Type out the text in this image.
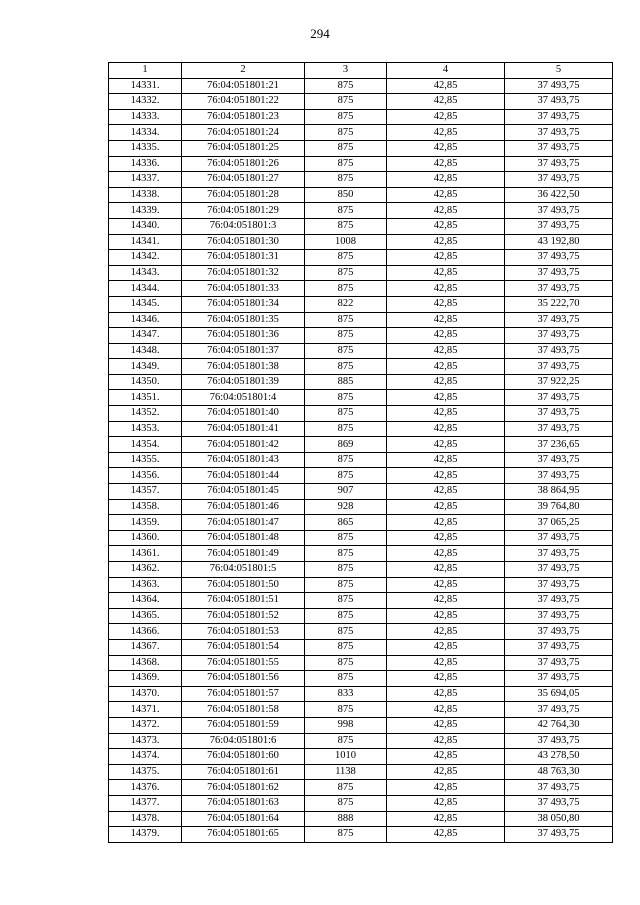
294
1	2	3	4	5
14331.	76:04:051801:21	875	42,85	37 493,75
14332.	76:04:051801:22	875	42,85	37 493,75
14333.	76:04:051801:23	875	42,85	37 493,75
14334.	76:04:051801:24	875	42,85	37 493,75
14335.	76:04:051801:25	875	42,85	37 493,75
14336.	76:04:051801:26	875	42,85	37 493,75
14337.	76:04:051801:27	875	42,85	37 493,75
14338.	76:04:051801:28	850	42,85	36 422,50
14339.	76:04:051801:29	875	42,85	37 493,75
14340.	76:04:051801:3	875	42,85	37 493,75
14341.	76:04:051801:30	1008	42,85	43 192,80
14342.	76:04:051801:31	875	42,85	37 493,75
14343.	76:04:051801:32	875	42,85	37 493,75
14344.	76:04:051801:33	875	42,85	37 493,75
14345.	76:04:051801:34	822	42,85	35 222,70
14346.	76:04:051801:35	875	42,85	37 493,75
14347.	76:04:051801:36	875	42,85	37 493,75
14348.	76:04:051801:37	875	42,85	37 493,75
14349.	76:04:051801:38	875	42,85	37 493,75
14350.	76:04:051801:39	885	42,85	37 922,25
14351.	76:04:051801:4	875	42,85	37 493,75
14352.	76:04:051801:40	875	42,85	37 493,75
14353.	76:04:051801:41	875	42,85	37 493,75
14354.	76:04:051801:42	869	42,85	37 236,65
14355.	76:04:051801:43	875	42,85	37 493,75
14356.	76:04:051801:44	875	42,85	37 493,75
14357.	76:04:051801:45	907	42,85	38 864,95
14358.	76:04:051801:46	928	42,85	39 764,80
14359.	76:04:051801:47	865	42,85	37 065,25
14360.	76:04:051801:48	875	42,85	37 493,75
14361.	76:04:051801:49	875	42,85	37 493,75
14362.	76:04:051801:5	875	42,85	37 493,75
14363.	76:04:051801:50	875	42,85	37 493,75
14364.	76:04:051801:51	875	42,85	37 493,75
14365.	76:04:051801:52	875	42,85	37 493,75
14366.	76:04:051801:53	875	42,85	37 493,75
14367.	76:04:051801:54	875	42,85	37 493,75
14368.	76:04:051801:55	875	42,85	37 493,75
14369.	76:04:051801:56	875	42,85	37 493,75
14370.	76:04:051801:57	833	42,85	35 694,05
14371.	76:04:051801:58	875	42,85	37 493,75
14372.	76:04:051801:59	998	42,85	42 764,30
14373.	76:04:051801:6	875	42,85	37 493,75
14374.	76:04:051801:60	1010	42,85	43 278,50
14375.	76:04:051801:61	1138	42,85	48 763,30
14376.	76:04:051801:62	875	42,85	37 493,75
14377.	76:04:051801:63	875	42,85	37 493,75
14378.	76:04:051801:64	888	42,85	38 050,80
14379.	76:04:051801:65	875	42,85	37 493,75
